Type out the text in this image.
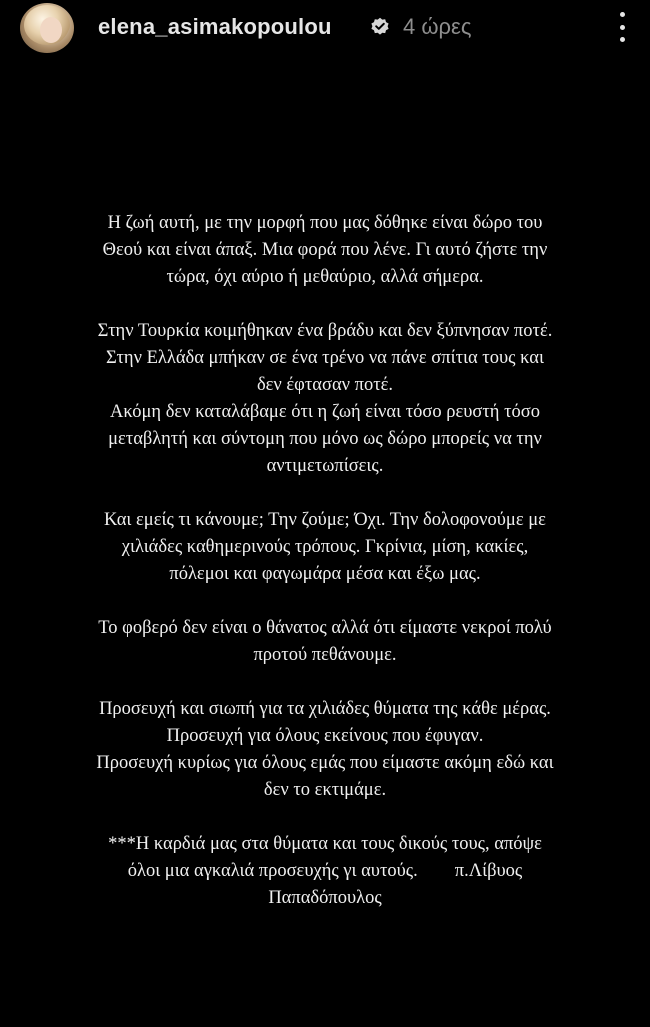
elena_asimakopoulou	4 ώρες

Η ζωή αυτή, με την μορφή που μας δόθηκε είναι δώρο του
Θεού και είναι άπαξ. Μια φορά που λένε. Γι αυτό ζήστε την
τώρα, όχι αύριο ή μεθαύριο, αλλά σήμερα.

Στην Τουρκία κοιμήθηκαν ένα βράδυ και δεν ξύπνησαν ποτέ.
Στην Ελλάδα μπήκαν σε ένα τρένο να πάνε σπίτια τους και
δεν έφτασαν ποτέ.
Ακόμη δεν καταλάβαμε ότι η ζωή είναι τόσο ρευστή τόσο
μεταβλητή και σύντομη που μόνο ως δώρο μπορείς να την
αντιμετωπίσεις.

Και εμείς τι κάνουμε; Την ζούμε; Όχι. Την δολοφονούμε με
χιλιάδες καθημερινούς τρόπους. Γκρίνια, μίση, κακίες,
πόλεμοι και φαγωμάρα μέσα και έξω μας.

Το φοβερό δεν είναι ο θάνατος αλλά ότι είμαστε νεκροί πολύ
προτού πεθάνουμε.

Προσευχή και σιωπή για τα χιλιάδες θύματα της κάθε μέρας.
Προσευχή για όλους εκείνους που έφυγαν.
Προσευχή κυρίως για όλους εμάς που είμαστε ακόμη εδώ και
δεν το εκτιμάμε.

***Η καρδιά μας στα θύματα και τους δικούς τους, απόψε
όλοι μια αγκαλιά προσευχής γι αυτούς.        π.Λίβυος
Παπαδόπουλος
